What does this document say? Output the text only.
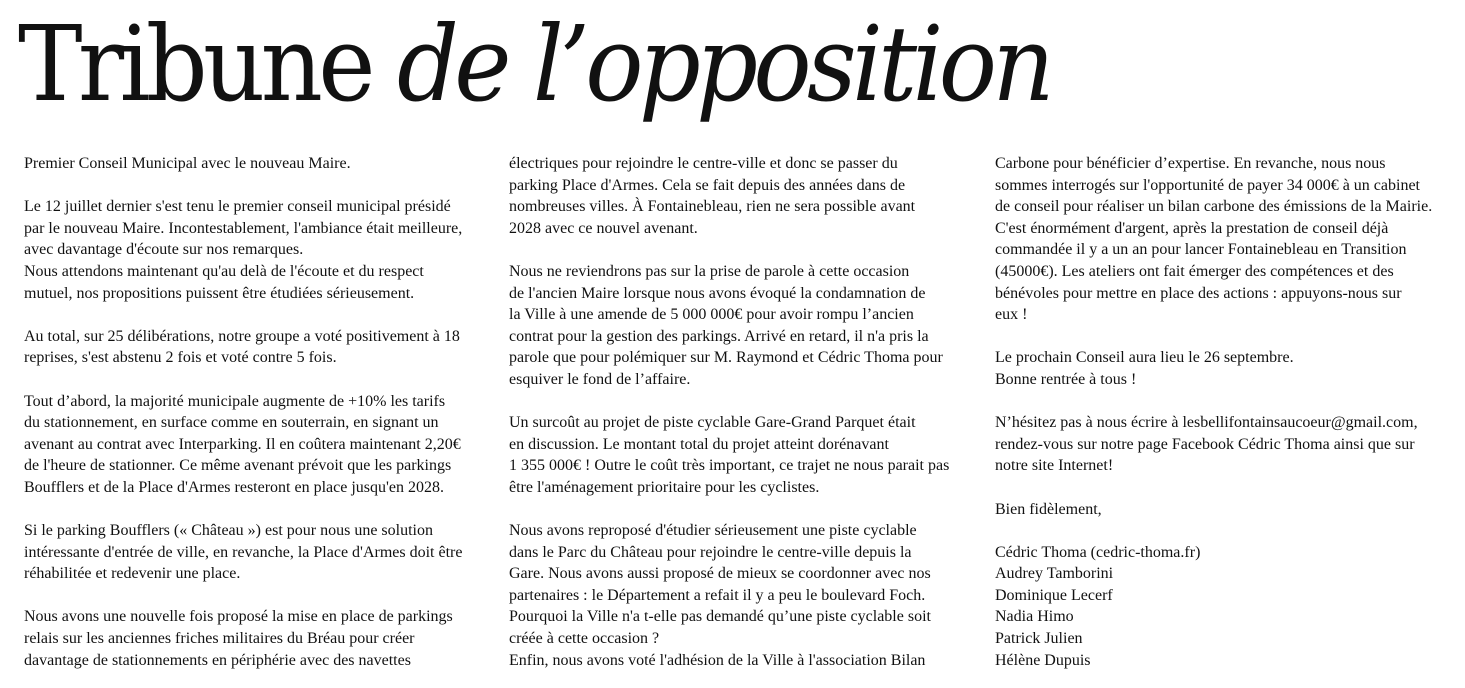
Tribune de l’opposition
Premier Conseil Municipal avec le nouveau Maire.
Le 12 juillet dernier s'est tenu le premier conseil municipal présidé
par le nouveau Maire. Incontestablement, l'ambiance était meilleure,
avec davantage d'écoute sur nos remarques.
Nous attendons maintenant qu'au delà de l'écoute et du respect
mutuel, nos propositions puissent être étudiées sérieusement.
Au total, sur 25 délibérations, notre groupe a voté positivement à 18
reprises, s'est abstenu 2 fois et voté contre 5 fois.
Tout d’abord, la majorité municipale augmente de +10% les tarifs
du stationnement, en surface comme en souterrain, en signant un
avenant au contrat avec Interparking. Il en coûtera maintenant 2,20€
de l'heure de stationner. Ce même avenant prévoit que les parkings
Boufflers et de la Place d'Armes resteront en place jusqu'en 2028.
Si le parking Boufflers (« Château ») est pour nous une solution
intéressante d'entrée de ville, en revanche, la Place d'Armes doit être
réhabilitée et redevenir une place.
Nous avons une nouvelle fois proposé la mise en place de parkings
relais sur les anciennes friches militaires du Bréau pour créer
davantage de stationnements en périphérie avec des navettes
électriques pour rejoindre le centre-ville et donc se passer du
parking Place d'Armes. Cela se fait depuis des années dans de
nombreuses villes. À Fontainebleau, rien ne sera possible avant
2028 avec ce nouvel avenant.
Nous ne reviendrons pas sur la prise de parole à cette occasion
de l'ancien Maire lorsque nous avons évoqué la condamnation de
la Ville à une amende de 5 000 000€ pour avoir rompu l’ancien
contrat pour la gestion des parkings. Arrivé en retard, il n'a pris la
parole que pour polémiquer sur M. Raymond et Cédric Thoma pour
esquiver le fond de l’affaire.
Un surcoût au projet de piste cyclable Gare-Grand Parquet était
en discussion. Le montant total du projet atteint dorénavant
1 355 000€ ! Outre le coût très important, ce trajet ne nous parait pas
être l'aménagement prioritaire pour les cyclistes.
Nous avons reproposé d'étudier sérieusement une piste cyclable
dans le Parc du Château pour rejoindre le centre-ville depuis la
Gare. Nous avons aussi proposé de mieux se coordonner avec nos
partenaires : le Département a refait il y a peu le boulevard Foch.
Pourquoi la Ville n'a t-elle pas demandé qu’une piste cyclable soit
créée à cette occasion ?
Enfin, nous avons voté l'adhésion de la Ville à l'association Bilan
Carbone pour bénéficier d’expertise. En revanche, nous nous
sommes interrogés sur l'opportunité de payer 34 000€ à un cabinet
de conseil pour réaliser un bilan carbone des émissions de la Mairie.
C'est énormément d'argent, après la prestation de conseil déjà
commandée il y a un an pour lancer Fontainebleau en Transition
(45000€). Les ateliers ont fait émerger des compétences et des
bénévoles pour mettre en place des actions : appuyons-nous sur
eux !
Le prochain Conseil aura lieu le 26 septembre.
Bonne rentrée à tous !
N’hésitez pas à nous écrire à lesbellifontainsaucoeur@gmail.com,
rendez-vous sur notre page Facebook Cédric Thoma ainsi que sur
notre site Internet!
Bien fidèlement,
Cédric Thoma (cedric-thoma.fr)
Audrey Tamborini
Dominique Lecerf
Nadia Himo
Patrick Julien
Hélène Dupuis
